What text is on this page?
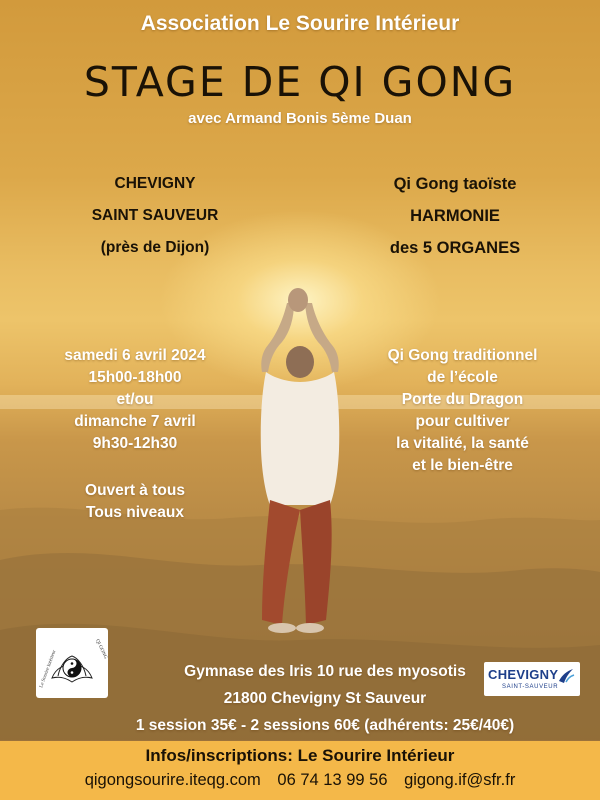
Association Le Sourire Intérieur
STAGE DE QI GONG
avec Armand Bonis 5ème Duan
CHEVIGNY
SAINT SAUVEUR
(près de Dijon)
Qi Gong taoïste
HARMONIE
des 5 ORGANES
samedi 6 avril 2024
15h00-18h00
et/ou
dimanche 7 avril
9h30-12h30
Ouvert à tous
Tous niveaux
Qi Gong traditionnel
de l’école
Porte du Dragon
pour cultiver
la vitalité, la santé
et le bien-être
Le Sourire Intérieur
QI GONG
Gymnase des Iris 10 rue des myosotis
21800 Chevigny St Sauveur
1 session 35€ - 2 sessions 60€ (adhérents: 25€/40€)
CHEVIGNY
SAINT-SAUVEUR
Infos/inscriptions: Le Sourire Intérieur
qigongsourire.iteqg.com 06 74 13 99 56 gigong.if@sfr.fr
